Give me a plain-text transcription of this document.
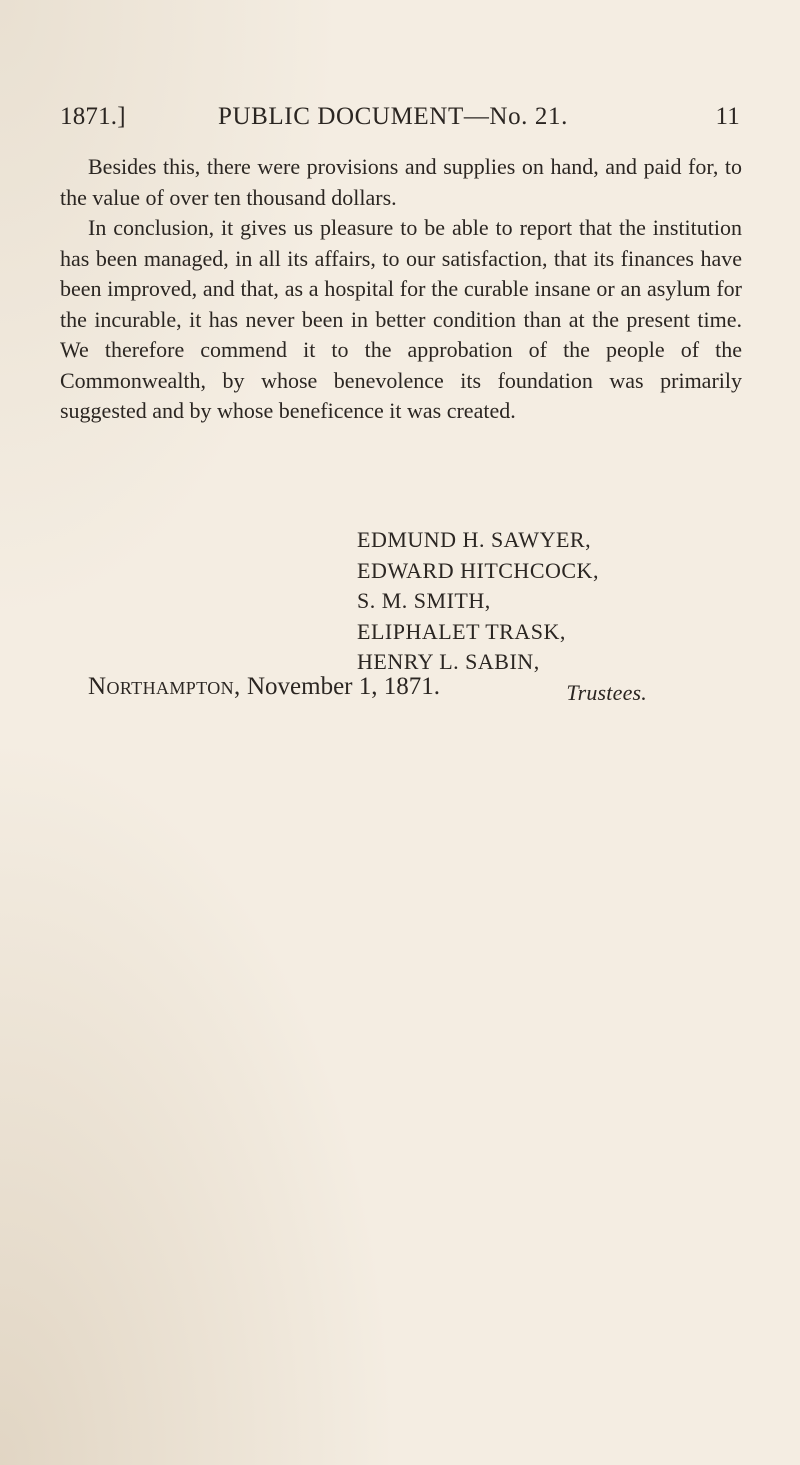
1871.]	PUBLIC DOCUMENT—No. 21.	11

Besides this, there were provisions and supplies on hand, and paid for, to the value of over ten thousand dollars.

In conclusion, it gives us pleasure to be able to report that the institution has been managed, in all its affairs, to our satisfaction, that its finances have been improved, and that, as a hospital for the curable insane or an asylum for the incurable, it has never been in better condition than at the present time. We therefore commend it to the approbation of the people of the Commonwealth, by whose benevolence its foundation was primarily suggested and by whose beneficence it was created.

EDMUND H. SAWYER,
EDWARD HITCHCOCK,
S. M. SMITH,
ELIPHALET TRASK,
HENRY L. SABIN,
Trustees.
Northampton, November 1, 1871.
